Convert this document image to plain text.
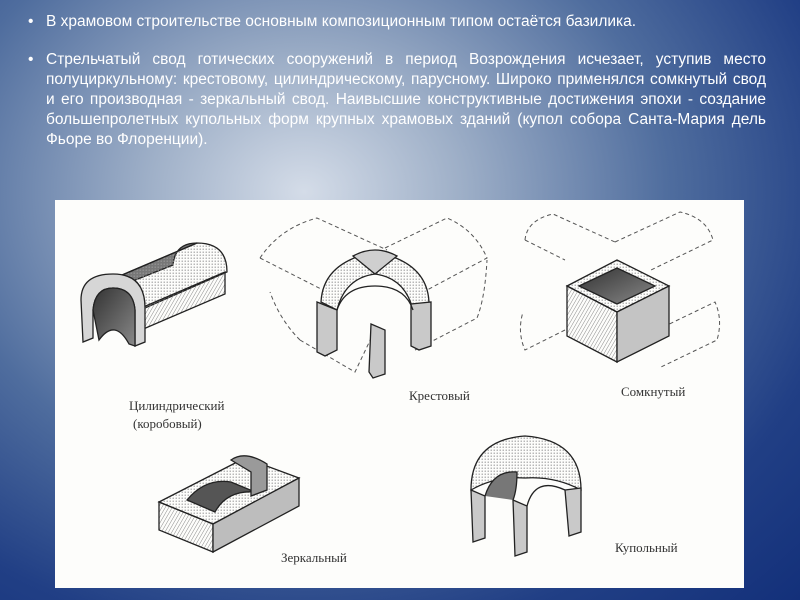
• В храмовом строительстве основным композиционным типом остаётся базилика.
• Стрельчатый свод готических сооружений в период Возрождения исчезает, уступив место полуциркульному: крестовому, цилиндрическому, парусному. Широко применялся сомкнутый свод и его производная - зеркальный свод. Наивысшие конструктивные достижения эпохи - создание большепролетных купольных форм крупных храмовых зданий (купол собора Санта-Мария дель Фьоре во Флоренции).
Цилиндрический
(коробовый)
Крестовый	Сомкнутый
Зеркальный
Купольный
